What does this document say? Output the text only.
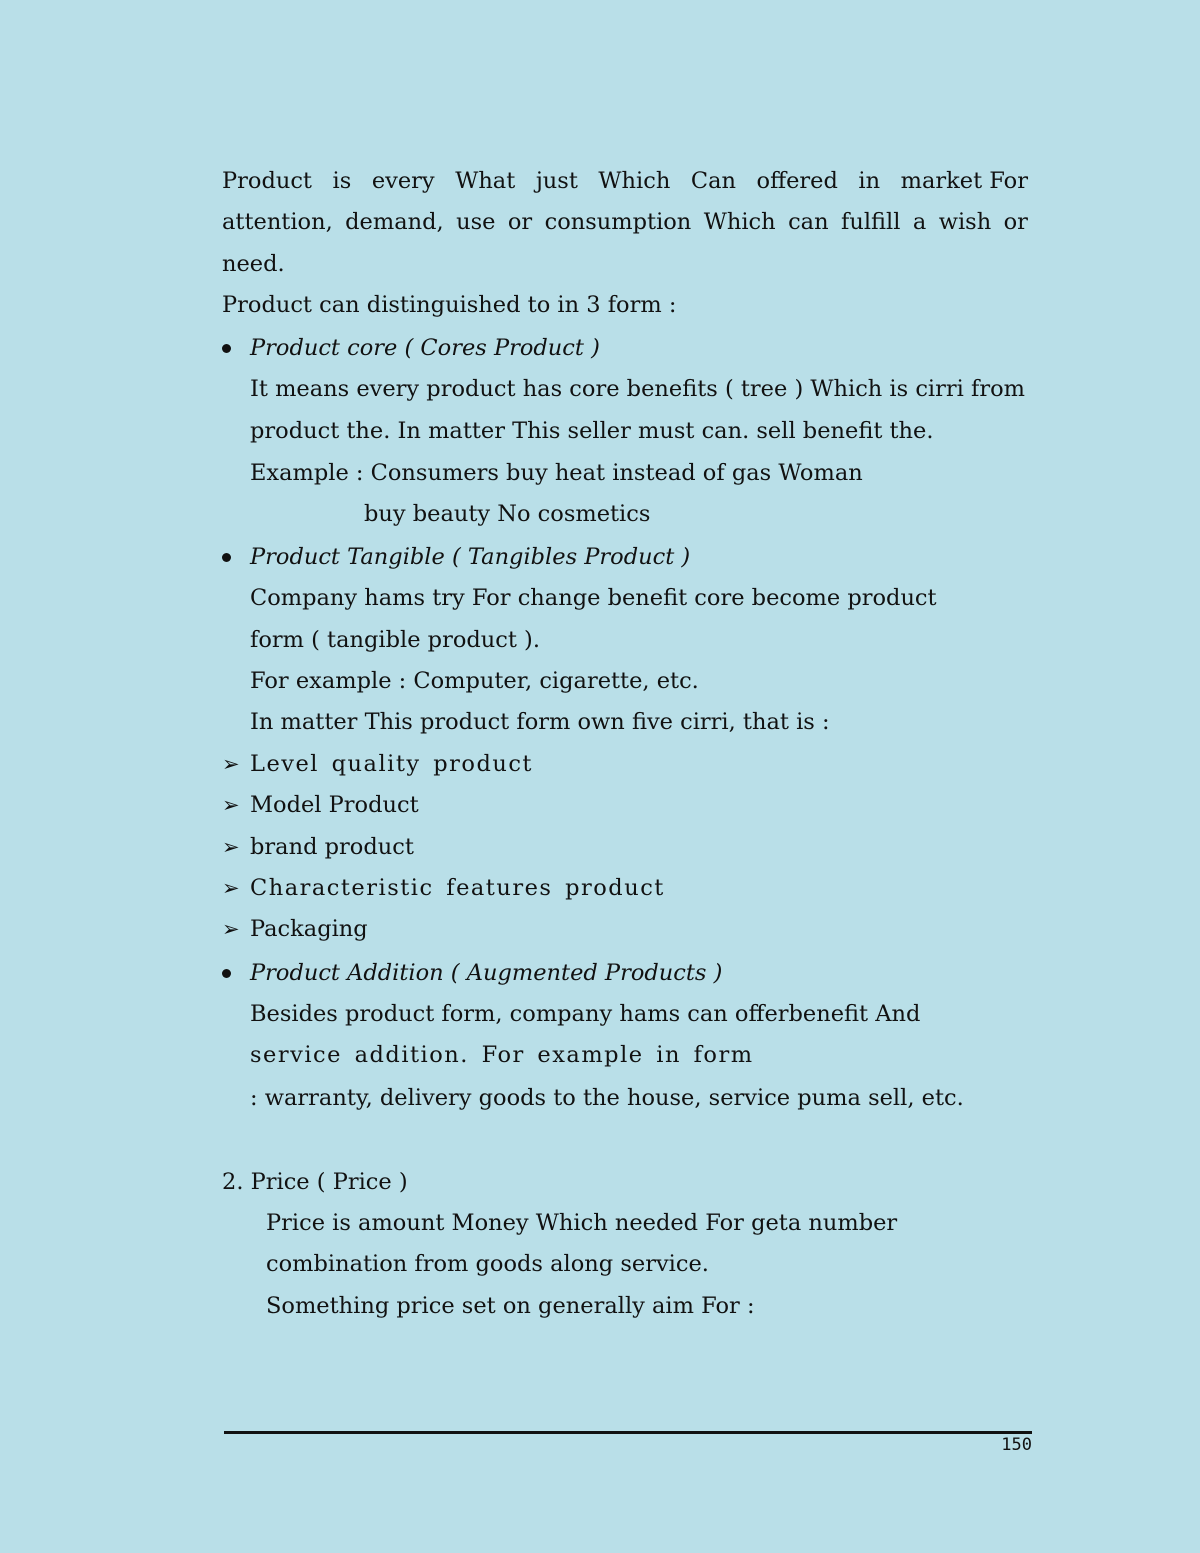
Product is every What just Which Can offered in market For
attention, demand, use or consumption Which can fulfill a wish or
need.
Product can distinguished to in 3 form :
Product core ( Cores Product )
It means every product has core benefits ( tree ) Which is cirri from
product the. In matter This seller must can. sell benefit the.
Example : Consumers buy heat instead of gas Woman
buy beauty No cosmetics
Product Tangible ( Tangibles Product )
Company hams try For change benefit core become product
form ( tangible product ).
For example : Computer, cigarette, etc.
In matter This product form own five cirri, that is :
➢ Level quality product
➢ Model Product
➢ brand product
➢ Characteristic features product
➢ Packaging
Product Addition ( Augmented Products )
Besides product form, company hams can offerbenefit And
service addition. For example in form
: warranty, delivery goods to the house, service puma sell, etc.
2. Price ( Price )
Price is amount Money Which needed For geta number
combination from goods along service.
Something price set on generally aim For :
150
